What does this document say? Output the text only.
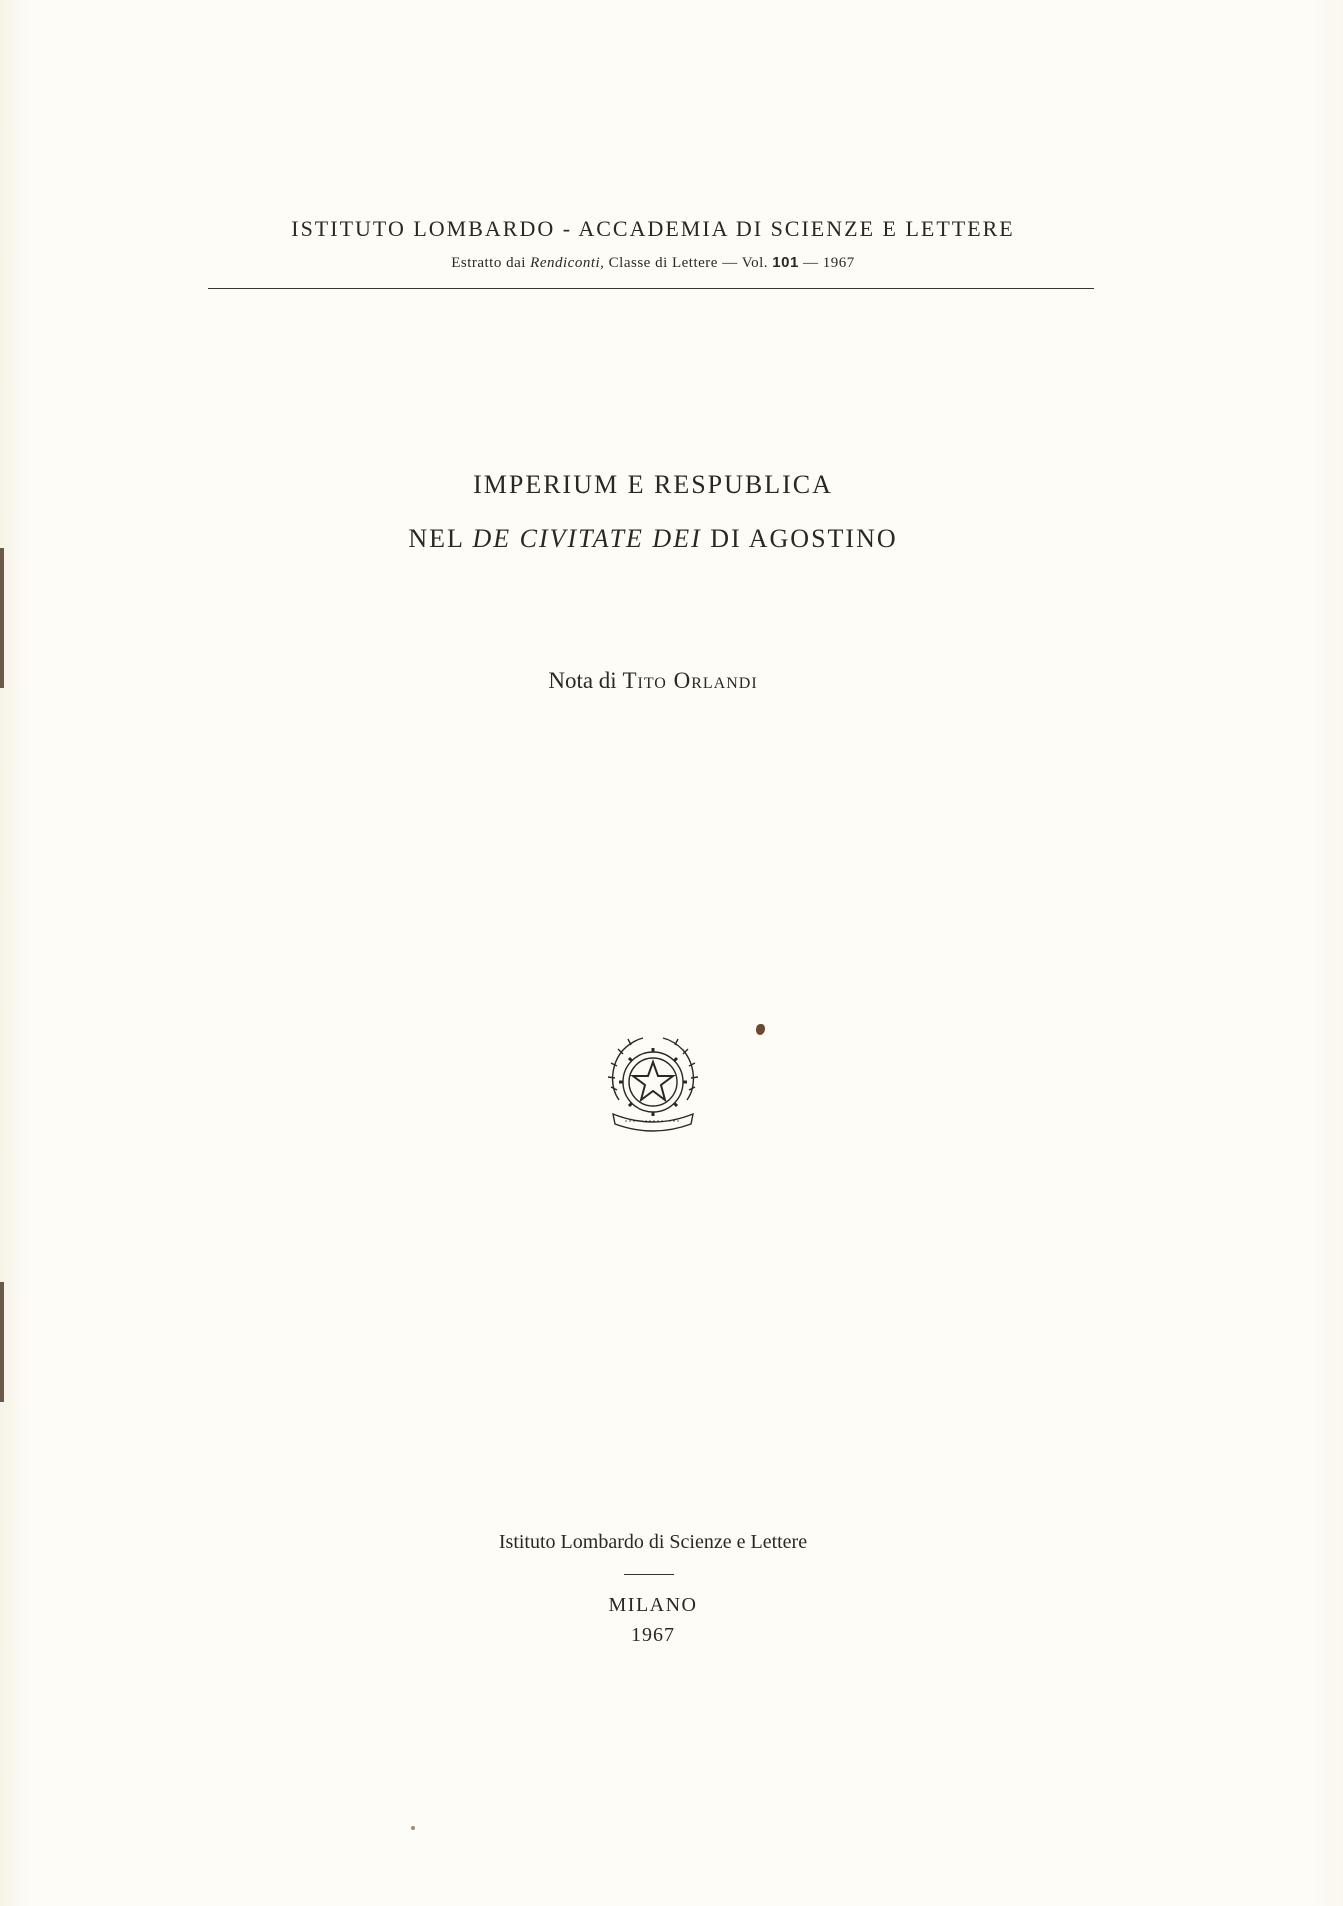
ISTITUTO LOMBARDO - ACCADEMIA DI SCIENZE E LETTERE
Estratto dai Rendiconti, Classe di Lettere — Vol. 101 — 1967
IMPERIUM E RESPUBLICA
NEL DE CIVITATE DEI DI AGOSTINO
Nota di Tito Orlandi
Istituto Lombardo di Scienze e Lettere
MILANO
1967
